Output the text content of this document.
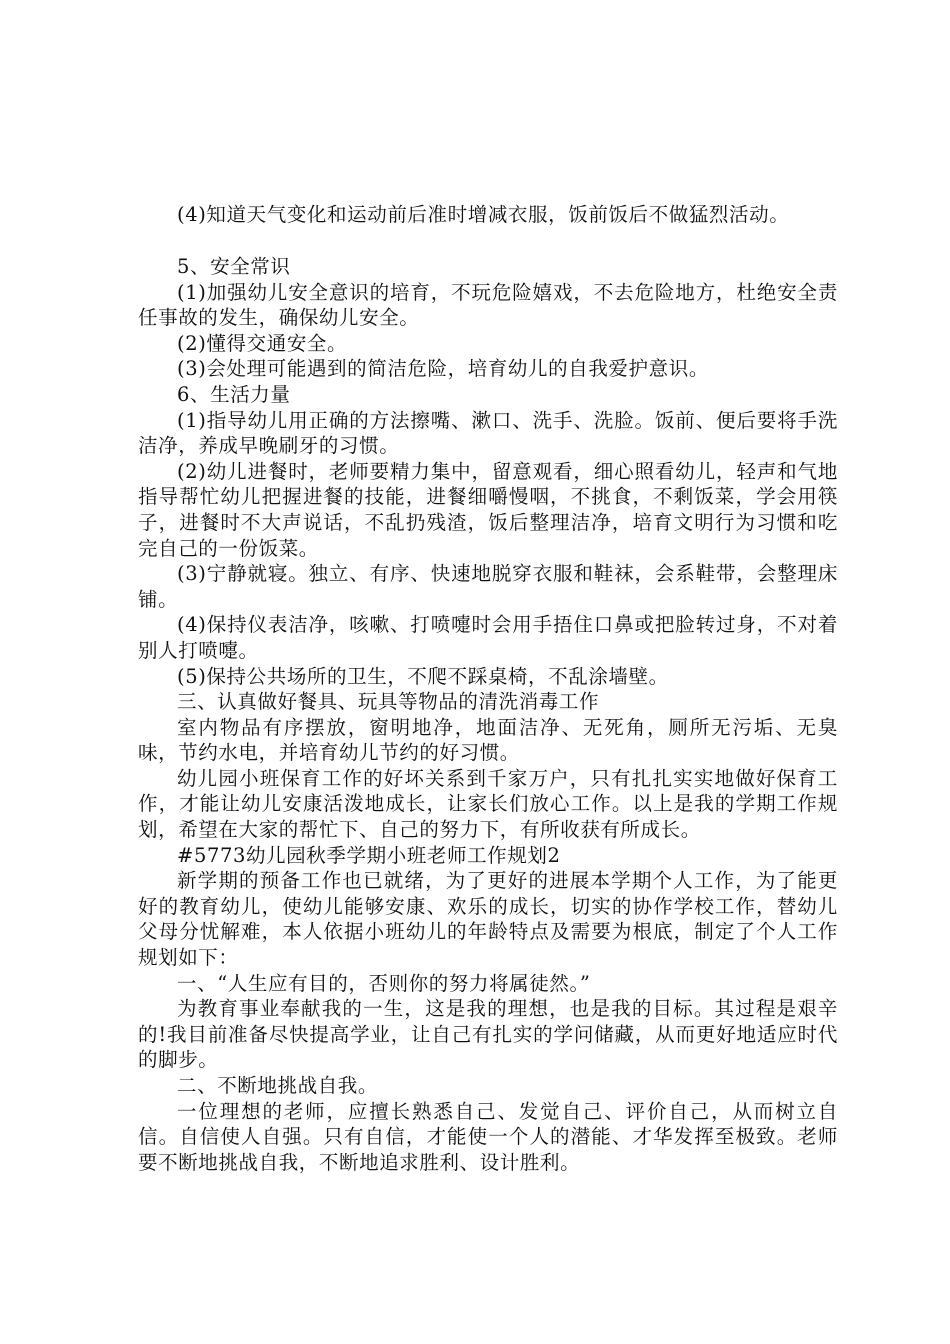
(4)知道天气变化和运动前后准时增减衣服，饭前饭后不做猛烈活动。

5、安全常识

(1)加强幼儿安全意识的培育，不玩危险嬉戏，不去危险地方，杜绝安全责任事故的发生，确保幼儿安全。

(2)懂得交通安全。

(3)会处理可能遇到的简洁危险，培育幼儿的自我爱护意识。

6、生活力量

(1)指导幼儿用正确的方法擦嘴、漱口、洗手、洗脸。饭前、便后要将手洗洁净，养成早晚刷牙的习惯。

(2)幼儿进餐时，老师要精力集中，留意观看，细心照看幼儿，轻声和气地指导帮忙幼儿把握进餐的技能，进餐细嚼慢咽，不挑食，不剩饭菜，学会用筷子，进餐时不大声说话，不乱扔残渣，饭后整理洁净，培育文明行为习惯和吃完自己的一份饭菜。

(3)宁静就寝。独立、有序、快速地脱穿衣服和鞋袜，会系鞋带，会整理床铺。

(4)保持仪表洁净，咳嗽、打喷嚏时会用手捂住口鼻或把脸转过身，不对着别人打喷嚏。

(5)保持公共场所的卫生，不爬不踩桌椅，不乱涂墙壁。

三、认真做好餐具、玩具等物品的清洗消毒工作

室内物品有序摆放，窗明地净，地面洁净、无死角，厕所无污垢、无臭味，节约水电，并培育幼儿节约的好习惯。

幼儿园小班保育工作的好坏关系到千家万户，只有扎扎实实地做好保育工作，才能让幼儿安康活泼地成长，让家长们放心工作。以上是我的学期工作规划，希望在大家的帮忙下、自己的努力下，有所收获有所成长。

#5773幼儿园秋季学期小班老师工作规划2

新学期的预备工作也已就绪，为了更好的进展本学期个人工作，为了能更好的教育幼儿，使幼儿能够安康、欢乐的成长，切实的协作学校工作，替幼儿父母分忧解难，本人依据小班幼儿的年龄特点及需要为根底，制定了个人工作规划如下：

一、“人生应有目的，否则你的努力将属徒然。”

为教育事业奉献我的一生，这是我的理想，也是我的目标。其过程是艰辛的!我目前准备尽快提高学业，让自己有扎实的学问储藏，从而更好地适应时代的脚步。

二、不断地挑战自我。

一位理想的老师，应擅长熟悉自己、发觉自己、评价自己，从而树立自信。自信使人自强。只有自信，才能使一个人的潜能、才华发挥至极致。老师要不断地挑战自我，不断地追求胜利、设计胜利。
